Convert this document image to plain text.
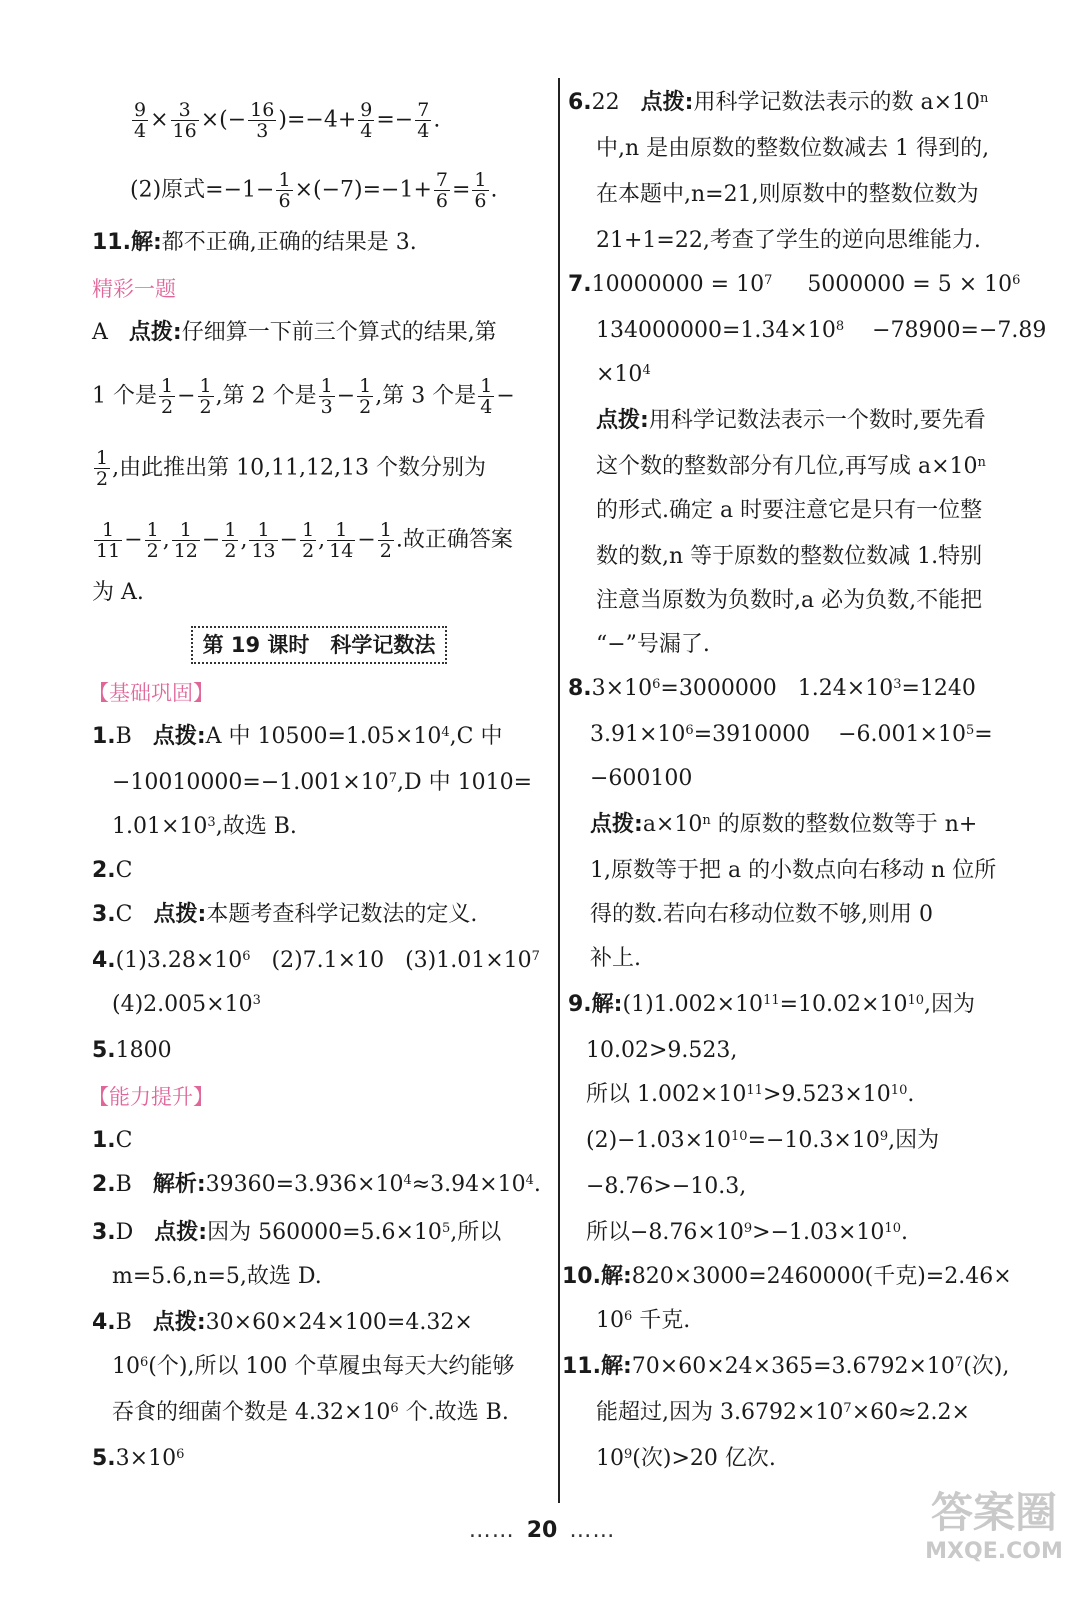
$\frac{9}{4} \times \frac{3}{16}$ ×(− $\frac{16}{3} )=-4+ \frac{9}{4} =- \frac{7}{4}$ .
(2)原式$=-1- \frac{1}{6} \times(-7)=-1+ \frac{7}{6} = \frac{1}{6}$ .
11.解:都不正确,正确的结果是 3.
精彩一题
A 点拨:仔细算一下前三个算式的结果,第
1 个是 $\frac{1}{2} - \frac{1}{2}$ ,第 2 个是 $\frac{1}{3} - \frac{1}{2}$ ,第 3 个是 $\frac{1}{4}$ −
$\frac{1}{2}$ ,由此推出第 10,11,12,13 个数分别为
$\frac{1}{11} - \frac{1}{2}$ , $\frac{1}{12} - \frac{1}{2}$ , $\frac{1}{13} - \frac{1}{2}$ , $\frac{1}{14} - \frac{1}{2}$ .故正确答案
为 A.
第 19 课时　科学记数法
【基础巩固】
1.B 点拨:A 中 $10500=1.05\times 10^4,C$ 中
$-10010000=-1.001\times 10^7,D$ 中 1010=
$1.01\times 10^3$,故选 B.
2.C
3.C 点拨:本题考查科学记数法的定义.
$4.(1)3.28\times 10^6$ (2)7.1×10 $(3)1.01\times 10^7$
$(4)2.005\times 10^3$
5.1800
【能力提升】
1.C
2.B 解析$:39360=3.936\times 10^4\approx 3.94\times 10^4$.
3.D 点拨:因为 $560000=5.6\times 10^5$,所以
m=5.6,n=5,故选 D.
4.B 点拨:30×60×24×100=4.32×
$10^6$(个),所以 100 个草履虫每天大约能够
吞食的细菌个数是 $4.32\times 10^6$ 个.故选 B.
$5.3\times 10^6$
6.22 点拨:用科学记数法表示的数 $a\times 10^n$
中,n 是由原数的整数位数减去 1 得到的,
在本题中,n=21,则原数中的整数位数为
21+1=22,考查了学生的逆向思维能力.
$7.10000000 = 10^7$ $5000000 = 5 \times 10^6$
$134000000=1.34\times 10^8 -78900=-7.89$
$\times 10^4$
点拨:用科学记数法表示一个数时,要先看
这个数的整数部分有几位,再写成 $a\times 10^n$
的形式.确定 a 时要注意它是只有一位整
数的数,n 等于原数的整数位数减 1.特别
注意当原数为负数时,a 必为负数,不能把
“−”号漏了.
$8.3\times 10^6=3000000$ $1.24\times 10^3=1240$
$3.91\times 10^6=3910000 -6.001\times 10^5=$
−600100
点拨$:a\times 10^n$ 的原数的整数位数等于 n+
1,原数等于把 a 的小数点向右移动 n 位所
得的数.若向右移动位数不够,则用 0
补上.
9.解$:(1)1.002\times 10^{11}=10.02\times 10^{10}$,因为
10.02>9.523,
所以 $1.002\times 10^{11}>9.523\times 10^{10}$.
$(2)-1.03\times 10^{10}=-10.3\times 10^9$,因为
−8.76>−10.3,
所以$-8.76\times 10^9>-1.03\times 10^{10}$.
10.解:820×3000=2460000(千克)=2.46×
$10^6$ 千克.
11.解$:70\times 60\times 24\times 365=3.6792\times 10^7$(次),
能超过,因为 $3.6792\times 10^7\times 60\approx 2.2\times$
$10^9$(次)>20 亿次.
…… 20 ……	答案圈
MXQE.COM
